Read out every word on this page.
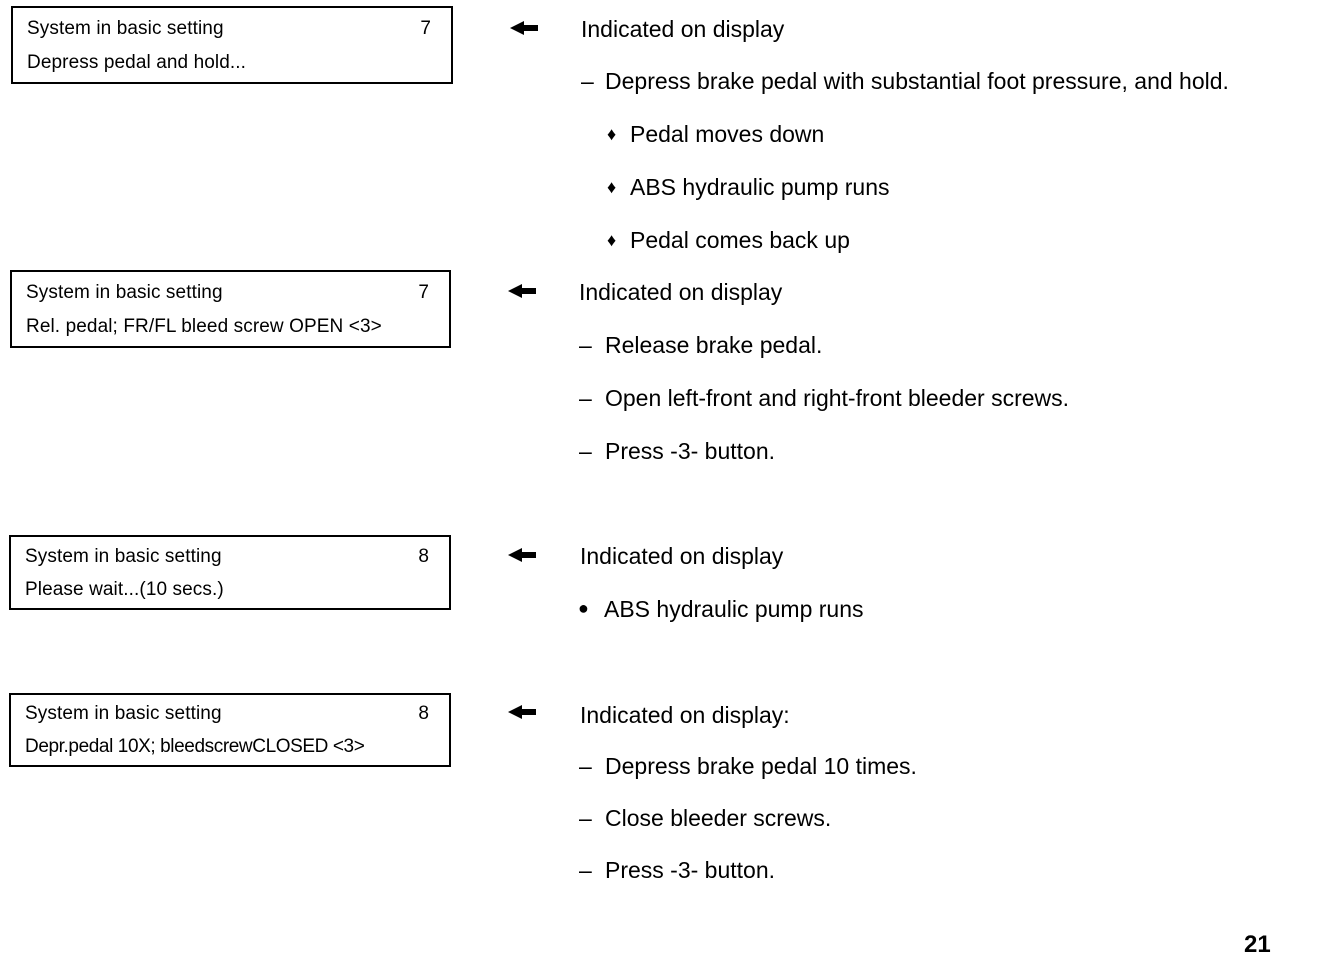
System in basic setting	7
Depress pedal and hold...
Indicated on display
– Depress brake pedal with substantial foot pressure, and hold.
♦ Pedal moves down
♦ ABS hydraulic pump runs
♦ Pedal comes back up
System in basic setting	7
Rel. pedal; FR/FL bleed screw OPEN <3>
Indicated on display
– Release brake pedal.
– Open left-front and right-front bleeder screws.
– Press -3- button.
System in basic setting	8
Please wait...(10 secs.)
Indicated on display
● ABS hydraulic pump runs
System in basic setting	8
Depr.pedal 10X; bleedscrewCLOSED <3>
Indicated on display:
– Depress brake pedal 10 times.
– Close bleeder screws.
– Press -3- button.
21
